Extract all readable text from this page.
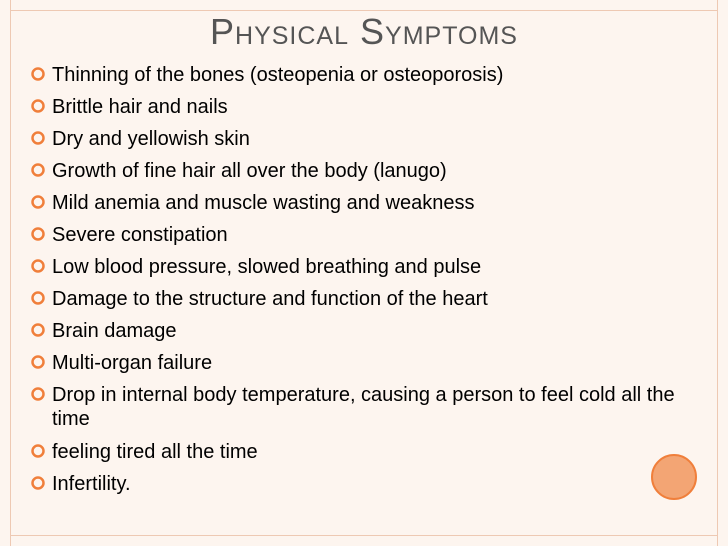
Physical Symptoms
Thinning of the bones (osteopenia or osteoporosis)
Brittle hair and nails
Dry and yellowish skin
Growth of fine hair all over the body (lanugo)
Mild anemia and muscle wasting and weakness
Severe constipation
Low blood pressure, slowed breathing and pulse
Damage to the structure and function of the heart
Brain damage
Multi-organ failure
Drop in internal body temperature, causing a person to feel cold all the time
feeling tired all the time
Infertility.
